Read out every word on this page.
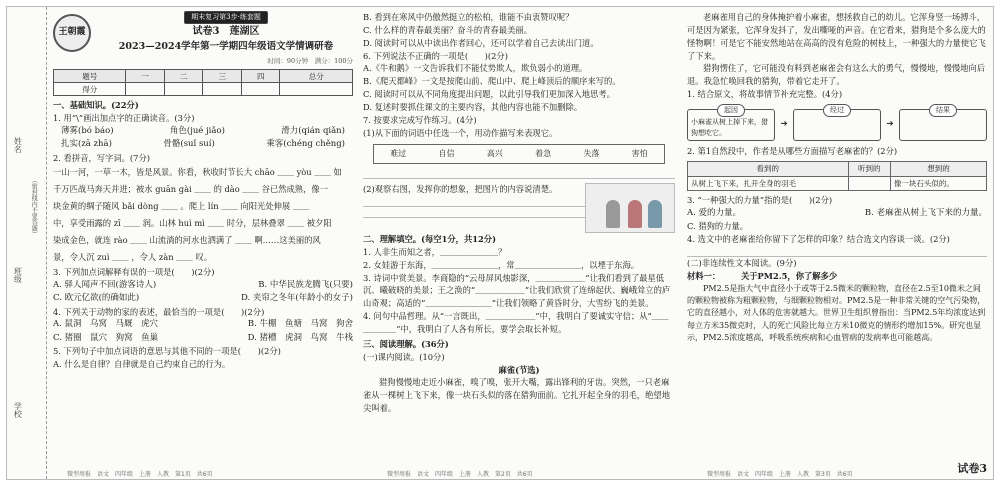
姓名
班级
学校
（密封线内不要答题）
王朝霞
期末复习第3步·练套题
试卷3　莲湖区
2023—2024学年第一学期四年级语文学情调研卷
时间：90分钟　满分：100分
题号	一	二	三	四	总分
得分					

一、基础知识。(22分)

1. 用“\”画出加点字的正确读音。(3分)

薄雾(bó báo)	角色(jué jiǎo)	滑力(qián qiǎn)
扎实(zā zhā)	骨骼(suǐ suí)	乘客(chéng chěng)

2. 看拼音，写字词。(7分)

一山一河，一草一木，皆是风景。你看，秋收时节长大 chāo ＿＿ yòu ＿＿ 如

千万匹战马奔天并进；被水 guān gài ＿＿ 的 dào ＿＿ 谷已然成熟，像一

块金黄的绸子随风 bǎi dòng ＿＿ 。爬上 lín ＿＿ 向阳光处伸展 ＿＿

中，享受雨露的 zī ＿＿ 润。山林 huì mì ＿＿ 时分，层林叠翠 ＿＿ 被夕阳

染成金色，就连 rào ＿＿ 山流淌的河水也洒满了 ＿＿ 啊……这美丽的风

景，令人沉 zuì ＿＿ ，令人 zàn ＿＿ 叹。

3. 下列加点词解释有误的一项是(　　)(2分)

A. 驿人闻声不回(游客诗人)	B. 中华民族龙腾飞(只要)
C. 欧元亿欲(的确如此)	D. 夹帘之冬年(年龄小的女子)

4. 下列关于动物的家的表述，最恰当的一项是(　　)(2分)

A. 鼠洞　乌窝　马厩　虎穴	B. 牛棚　鱼塘　马窝　狗舍
C. 猪圈　鼠穴　狗窝　鱼巢	D. 猪槽　虎洞　鸟窝　牛栈

5. 下列句子中加点词语的意思与其他不同的一项是(　　)(2分)

A. 什么是自律？自律就是自己约束自己的行为。

微型周报　语文　四年级　上册　人教　第1页　共6页

B. 看到在寒风中仍傲然挺立的松柏，谁能不由衷赞叹呢？

C. 什么样的青春最美丽？奋斗的青春最美丽。

D. 阅读时可以从中读出作者回心，还可以学着自己去读出门道。

6. 下列说法不正确的一项是(　　)(2分)

A.《牛和鹅》一文告诉我们不能仗势欺人，欺负弱小的道理。

B.《爬天都峰》一文是按爬山前、爬山中、爬上峰顶后的顺序来写的。

C. 阅读时可以从不同角度提出问题，以此引导我们更加深入地思考。

D. 复述时要抓住课文的主要内容，其他内容也能不加删除。

7. 按要求完成写作练习。(4分)

(1)从下面的词语中任选一个，用动作描写来表现它。

难过	自信	高兴	着急	失落	害怕

(2)观察右图，发挥你的想象，把图片的内容说清楚。

二、理解填空。(每空1分，共12分)

1. 人非生而知之者，＿＿＿＿＿＿＿？

2. 女娃游于东海，＿＿＿＿＿＿＿＿，常＿＿＿＿＿＿＿＿，以堙于东海。

3. 诗词中赏美景。李商隐的“云母屏风烛影深，＿＿＿＿＿＿”让我们看到了最星低沉、曦破晓的美景；王之涣的“＿＿＿＿＿＿”让我们欣赏了连绵起伏、巍峨耸立的庐山奇观；高适的“＿＿＿＿＿＿＿＿”让我们领略了黄昏时分，大雪纷飞的美景。

4. 问句中品哲理。从“一言既出，＿＿＿＿＿＿”中，我明白了要诚实守信；从“＿＿＿＿＿＿”中，我明白了人各有所长，要学会取长补短。

三、阅读理解。(36分)

(一)课内阅读。(10分)

麻雀(节选)

猎狗慢慢地走近小麻雀，嗅了嗅，张开大嘴，露出锋利的牙齿。突然，一只老麻雀从一棵树上飞下来，像一块石头似的落在猎狗面前。它扎开起全身的羽毛，绝望地尖叫着。

微型周报　语文　四年级　上册　人教　第2页　共6页

老麻雀用自己的身体掩护着小麻雀，想拯救自己的幼儿。它浑身竖一场搏斗，可是因为紧张，它浑身发抖了，发出嘶哑的声音。在它看来，猎狗是个多么庞大的怪物啊！可是它不能安然地站在高高的没有危险的树枝上，一种强大的力量使它飞了下来。

猎狗愣住了，它可能没有料到老麻雀会有这么大的勇气，慢慢地，慢慢地向后退。我急忙唤回我的猎狗，带着它走开了。

1. 结合原文，将故事情节补充完整。(4分)

起因
小麻雀从树上掉下来，猎狗想吃它。
➔
经过
➔
结果

2. 第1自然段中，作者是从哪些方面描写老麻雀的？(2分)

看到的	听到的	想到的
从树上飞下来，扎开全身的羽毛		像一块石头似的。

3. “一种强大的力量”指的是(　　)(2分)

A. 爱的力量。	B. 老麻雀从树上飞下来的力量。

C. 猎狗的力量。

4. 选文中的老麻雀给你留下了怎样的印象？结合选文内容谈一谈。(2分)

(二)非连续性文本阅读。(9分)

材料一：　　　	关于PM2.5，你了解多少

PM2.5是指大气中直径小于或等于2.5微米的颗粒物，直径在2.5至10微米之间的颗粒物被称为粗颗粒物，与细颗粒物相对。PM2.5是一种非常关键的空气污染物，它的直径越小，对人体的危害就越大。世界卫生组织曾指出：当PM2.5年均浓度达到每立方米35微克时，人的死亡风险比每立方米10微克的情形约增加15%。研究也显示，PM2.5浓度越高，呼吸系统疾病和心血管病的发病率也可能越高。

微型周报　语文　四年级　上册　人教　第3页　共6页	试卷3
